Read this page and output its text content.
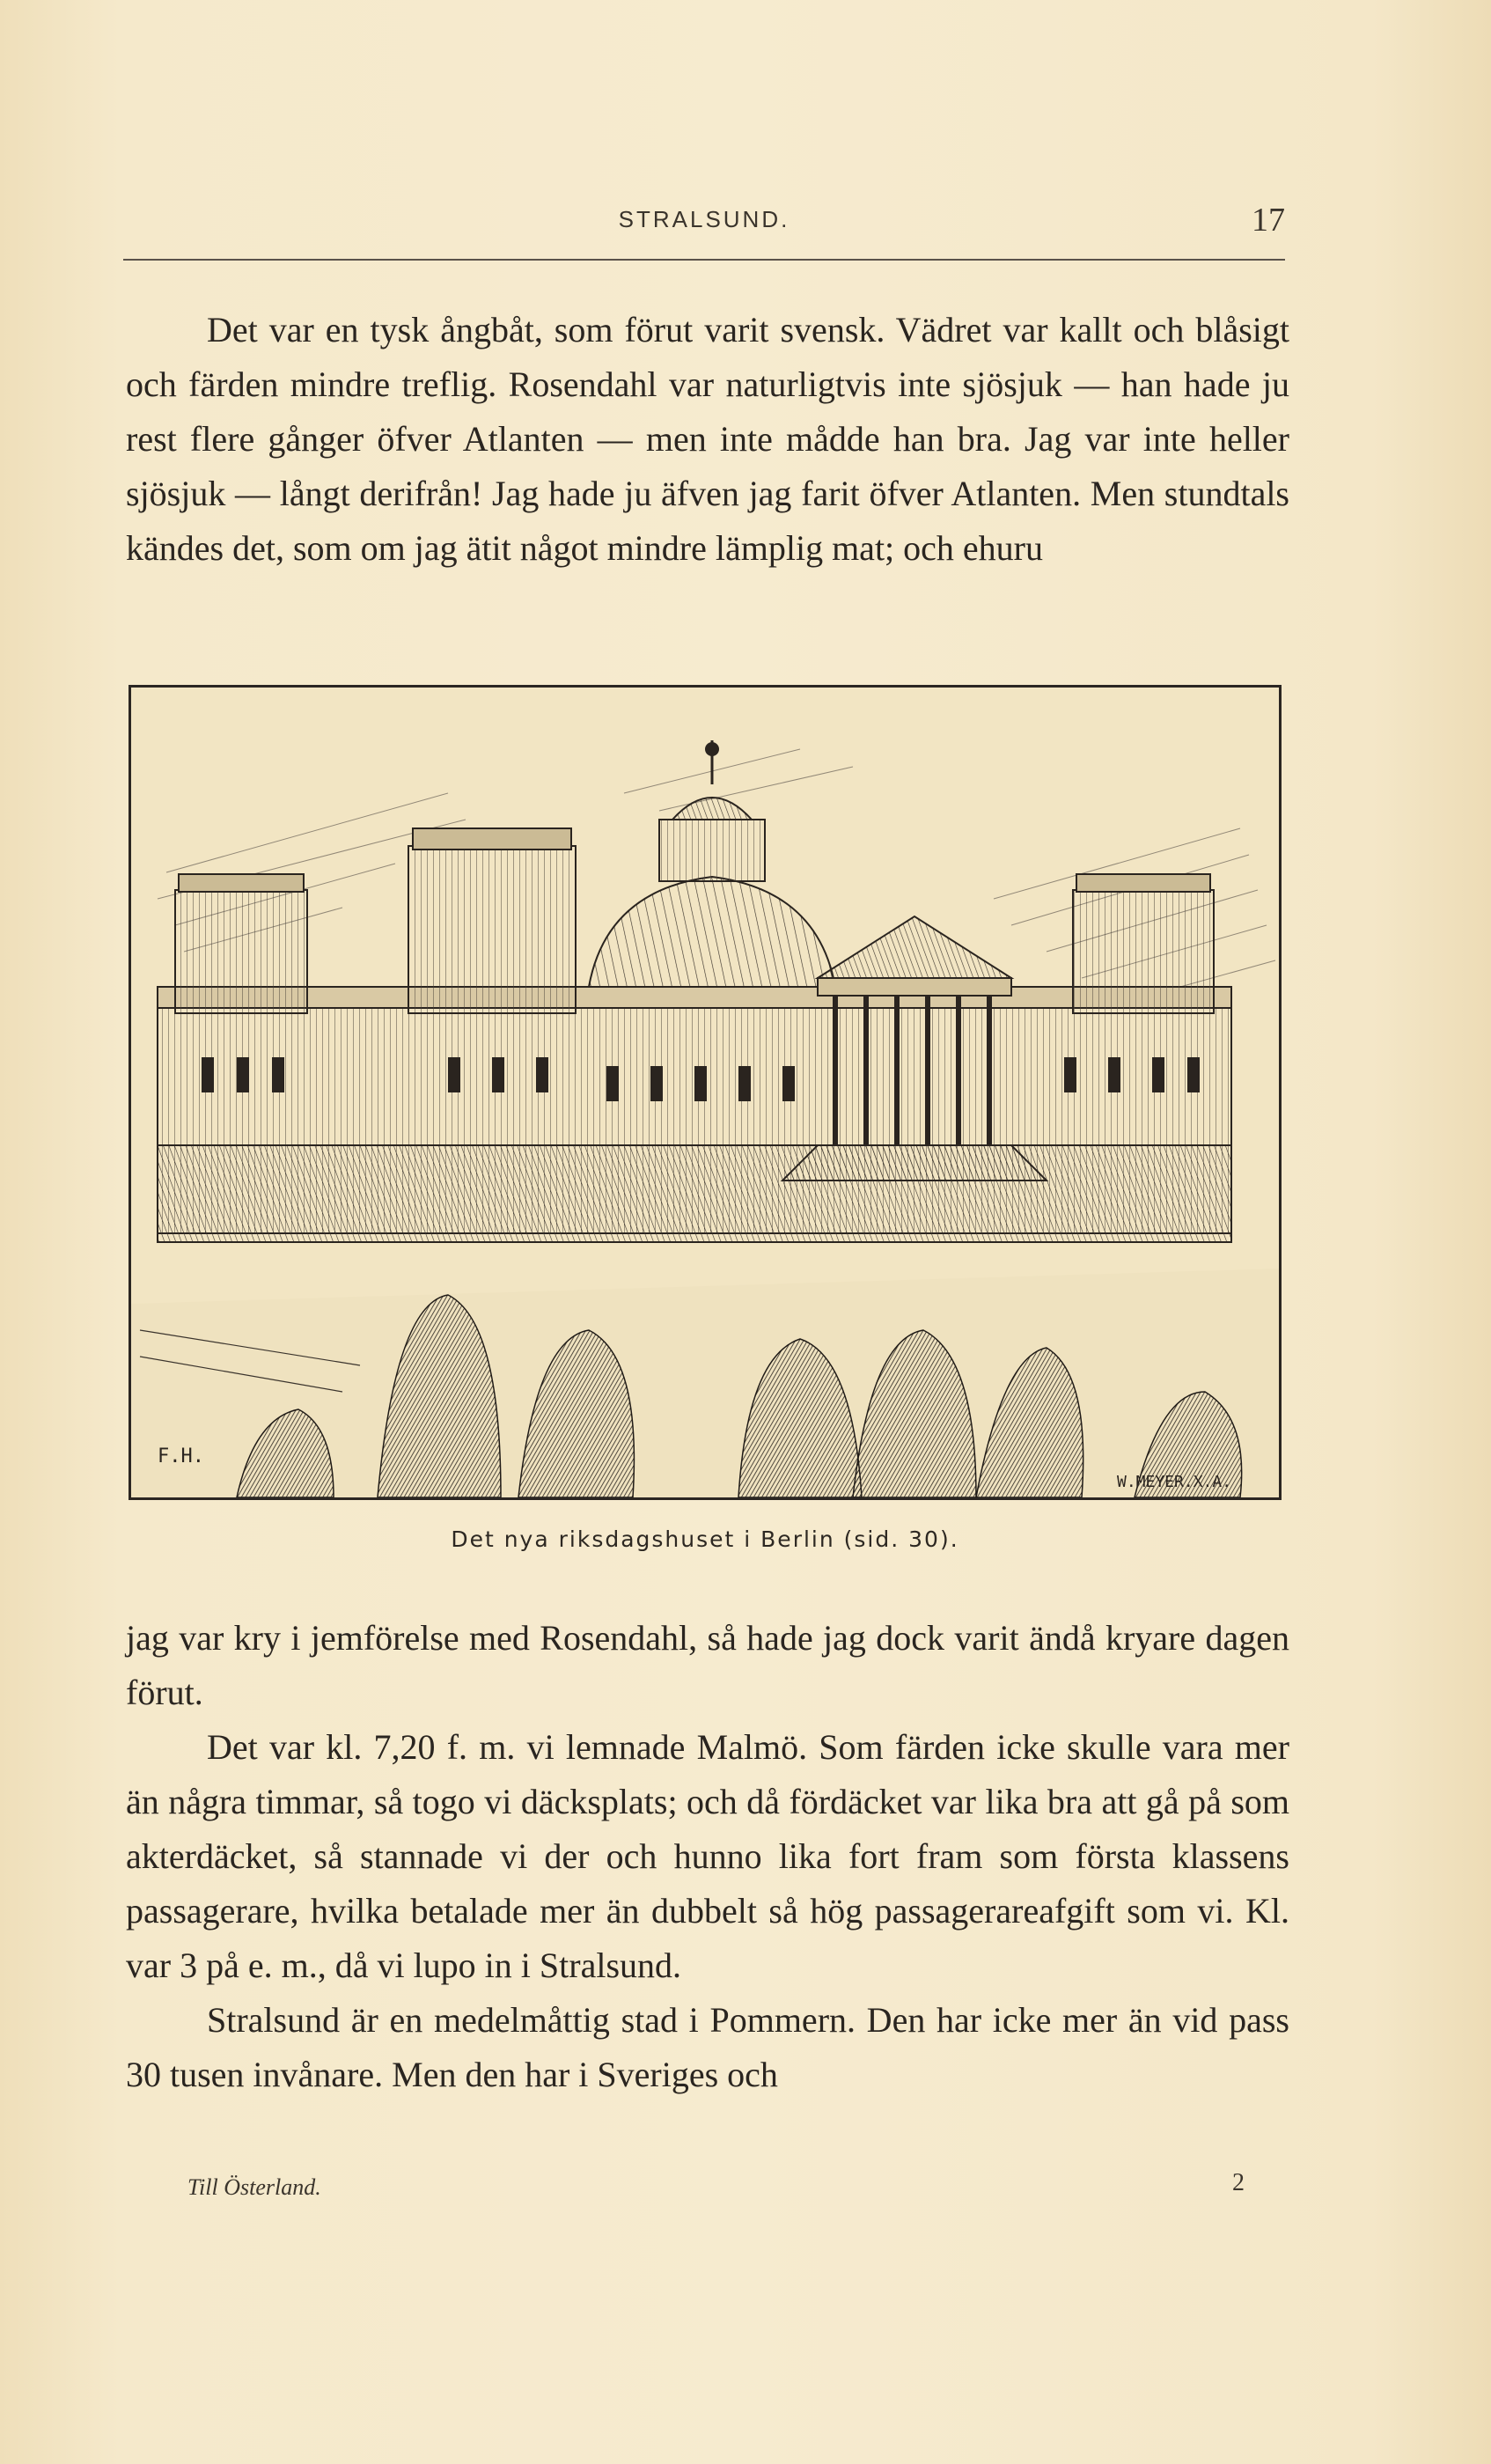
STRALSUND.	17

Det var en tysk ångbåt, som förut varit svensk. Vädret var kallt och blåsigt och färden mindre treflig. Rosendahl var naturligtvis inte sjösjuk — han hade ju rest flere gånger öfver Atlanten — men inte mådde han bra. Jag var inte heller sjösjuk — långt derifrån! Jag hade ju äfven jag farit öfver Atlanten. Men stundtals kändes det, som om jag ätit något mindre lämplig mat; och ehuru

F.H.
W.MEYER.X.A.
Det nya riksdagshuset i Berlin (sid. 30).

jag var kry i jemförelse med Rosendahl, så hade jag dock varit ändå kryare dagen förut.

Det var kl. 7,20 f. m. vi lemnade Malmö. Som färden icke skulle vara mer än några timmar, så togo vi däcksplats; och då fördäcket var lika bra att gå på som akterdäcket, så stannade vi der och hunno lika fort fram som första klassens passagerare, hvilka betalade mer än dubbelt så hög passagerareafgift som vi. Kl. var 3 på e. m., då vi lupo in i Stralsund.

Stralsund är en medelmåttig stad i Pommern. Den har icke mer än vid pass 30 tusen invånare. Men den har i Sveriges och

Till Österland.	2
